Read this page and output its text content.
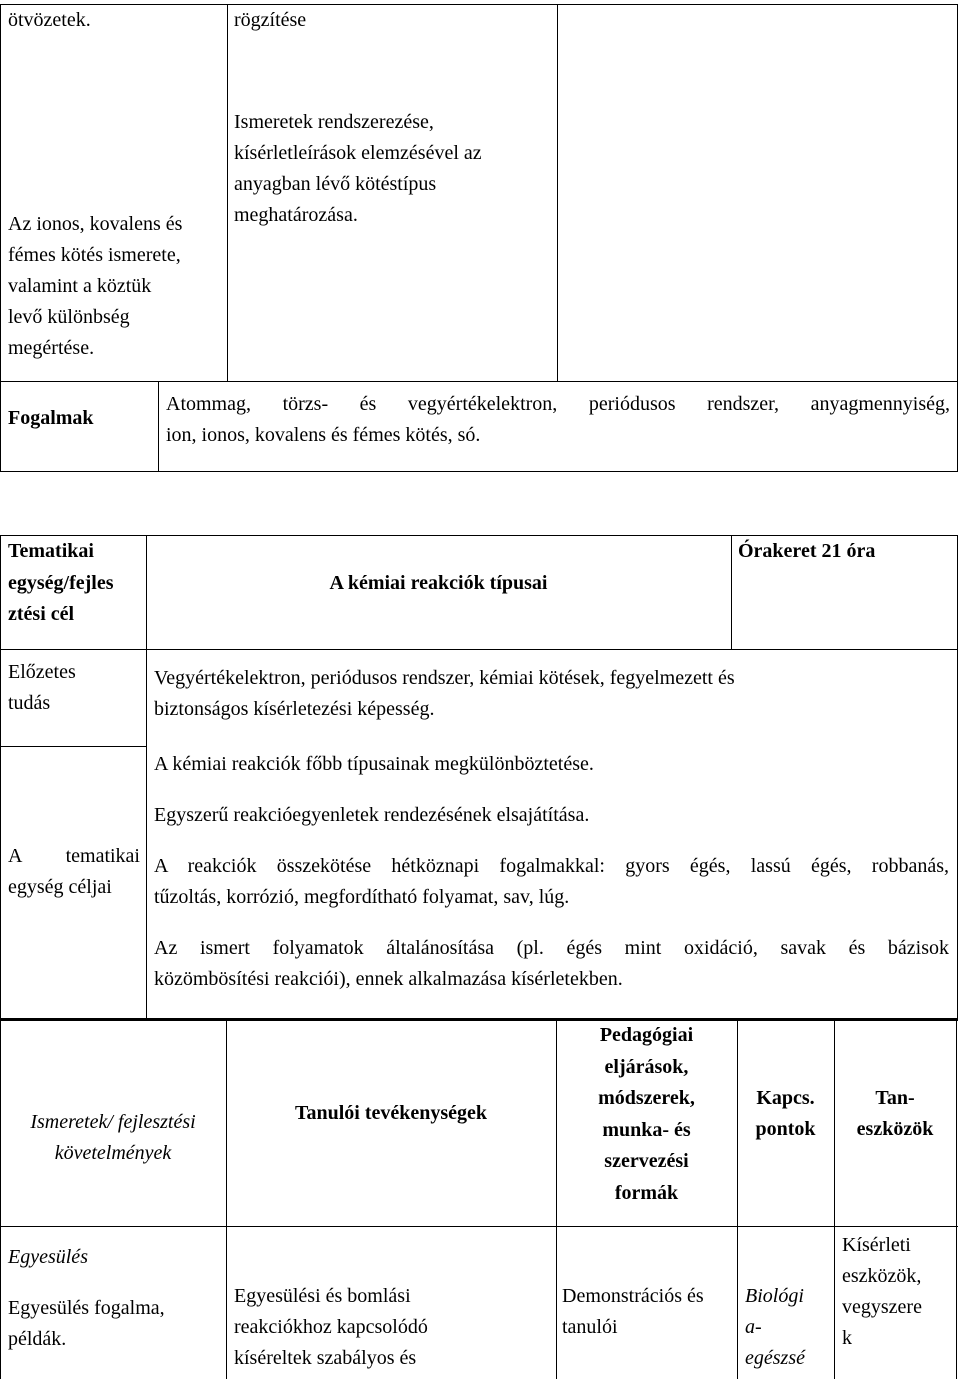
ötvözetek.	rögzítése
Az ionos, kovalens és
fémes kötés ismerete,
valamint a köztük
levő különbség
megértése.
Ismeretek rendszerezése,
kísérletleírások elemzésével az
anyagban lévő kötéstípus
meghatározása.
Fogalmak
Atommag, törzs- és vegyértékelektron, periódusos rendszer, anyagmennyiség,
ion, ionos, kovalens és fémes kötés, só.
Tematikai
egység/fejles
ztési cél
A kémiai reakciók típusai
Órakeret 21 óra
Előzetes
tudás
Vegyértékelektron, periódusos rendszer, kémiai kötések, fegyelmezett és
biztonságos kísérletezési képesség.
A tematikai
egység céljai
A kémiai reakciók főbb típusainak megkülönböztetése.
Egyszerű reakcióegyenletek rendezésének elsajátítása.
A reakciók összekötése hétköznapi fogalmakkal: gyors égés, lassú égés, robbanás,
tűzoltás, korrózió, megfordítható folyamat, sav, lúg.
Az ismert folyamatok általánosítása (pl. égés mint oxidáció, savak és bázisok
közömbösítési reakciói), ennek alkalmazása kísérletekben.
Ismeretek/ fejlesztési
követelmények
Tanulói tevékenységek
Pedagógiai
eljárások,
módszerek,
munka- és
szervezési
formák
Kapcs.
pontok
Tan-
eszközök
Egyesülés
Egyesülés fogalma,
példák.
Egyesülési és bomlási
reakciókhoz kapcsolódó
kíséreltek szabályos és
Demonstrációs és
tanulói
Biológi
a-
egészsé
Kísérleti
eszközök,
vegyszere
k
